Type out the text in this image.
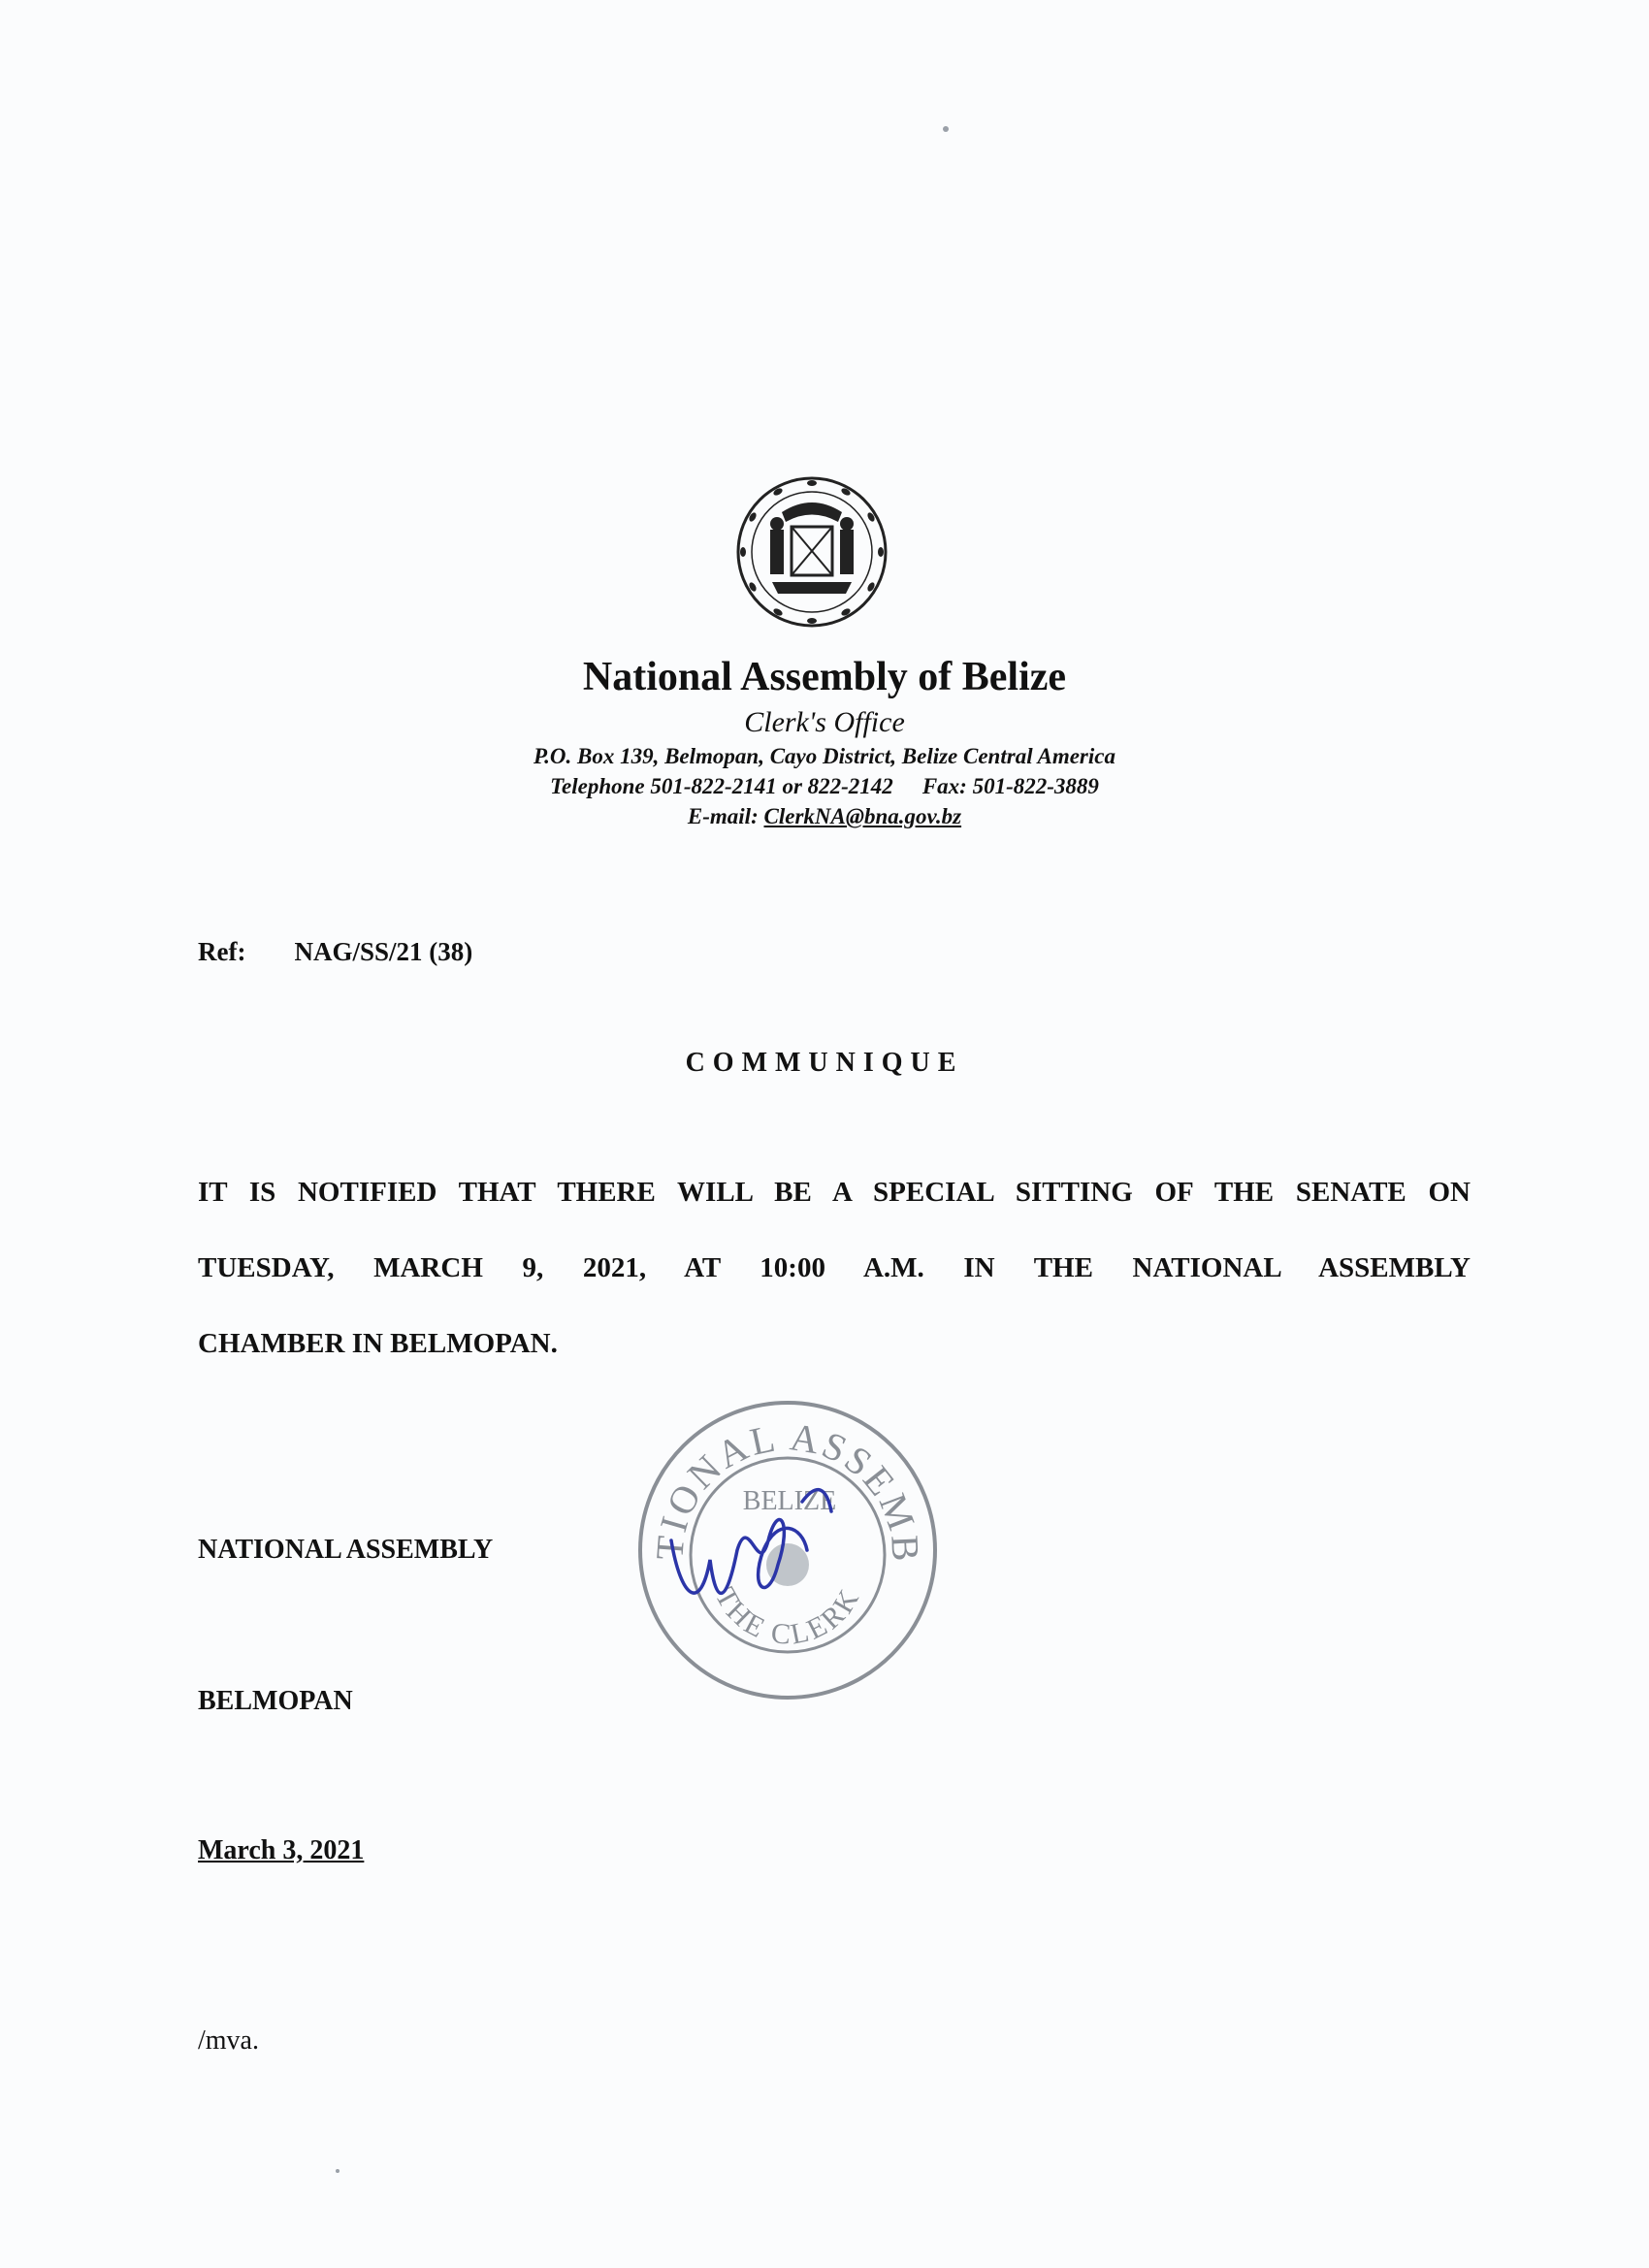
National Assembly of Belize
Clerk's Office
P.O. Box 139, Belmopan, Cayo District, Belize Central America
Telephone 501-822-2141 or 822-2142 Fax: 501-822-3889
E-mail: ClerkNA@bna.gov.bz
Ref: NAG/SS/21 (38)
COMMUNIQUE
IT IS NOTIFIED THAT THERE WILL BE A SPECIAL SITTING OF THE SENATE ON
TUESDAY, MARCH 9, 2021, AT 10:00 A.M. IN THE NATIONAL ASSEMBLY
CHAMBER IN BELMOPAN.
NATIONAL ASSEMBLY
BELMOPAN
March 3, 2021
TIONAL ASSEMB
BELIZE
THE CLERK
/mva.
